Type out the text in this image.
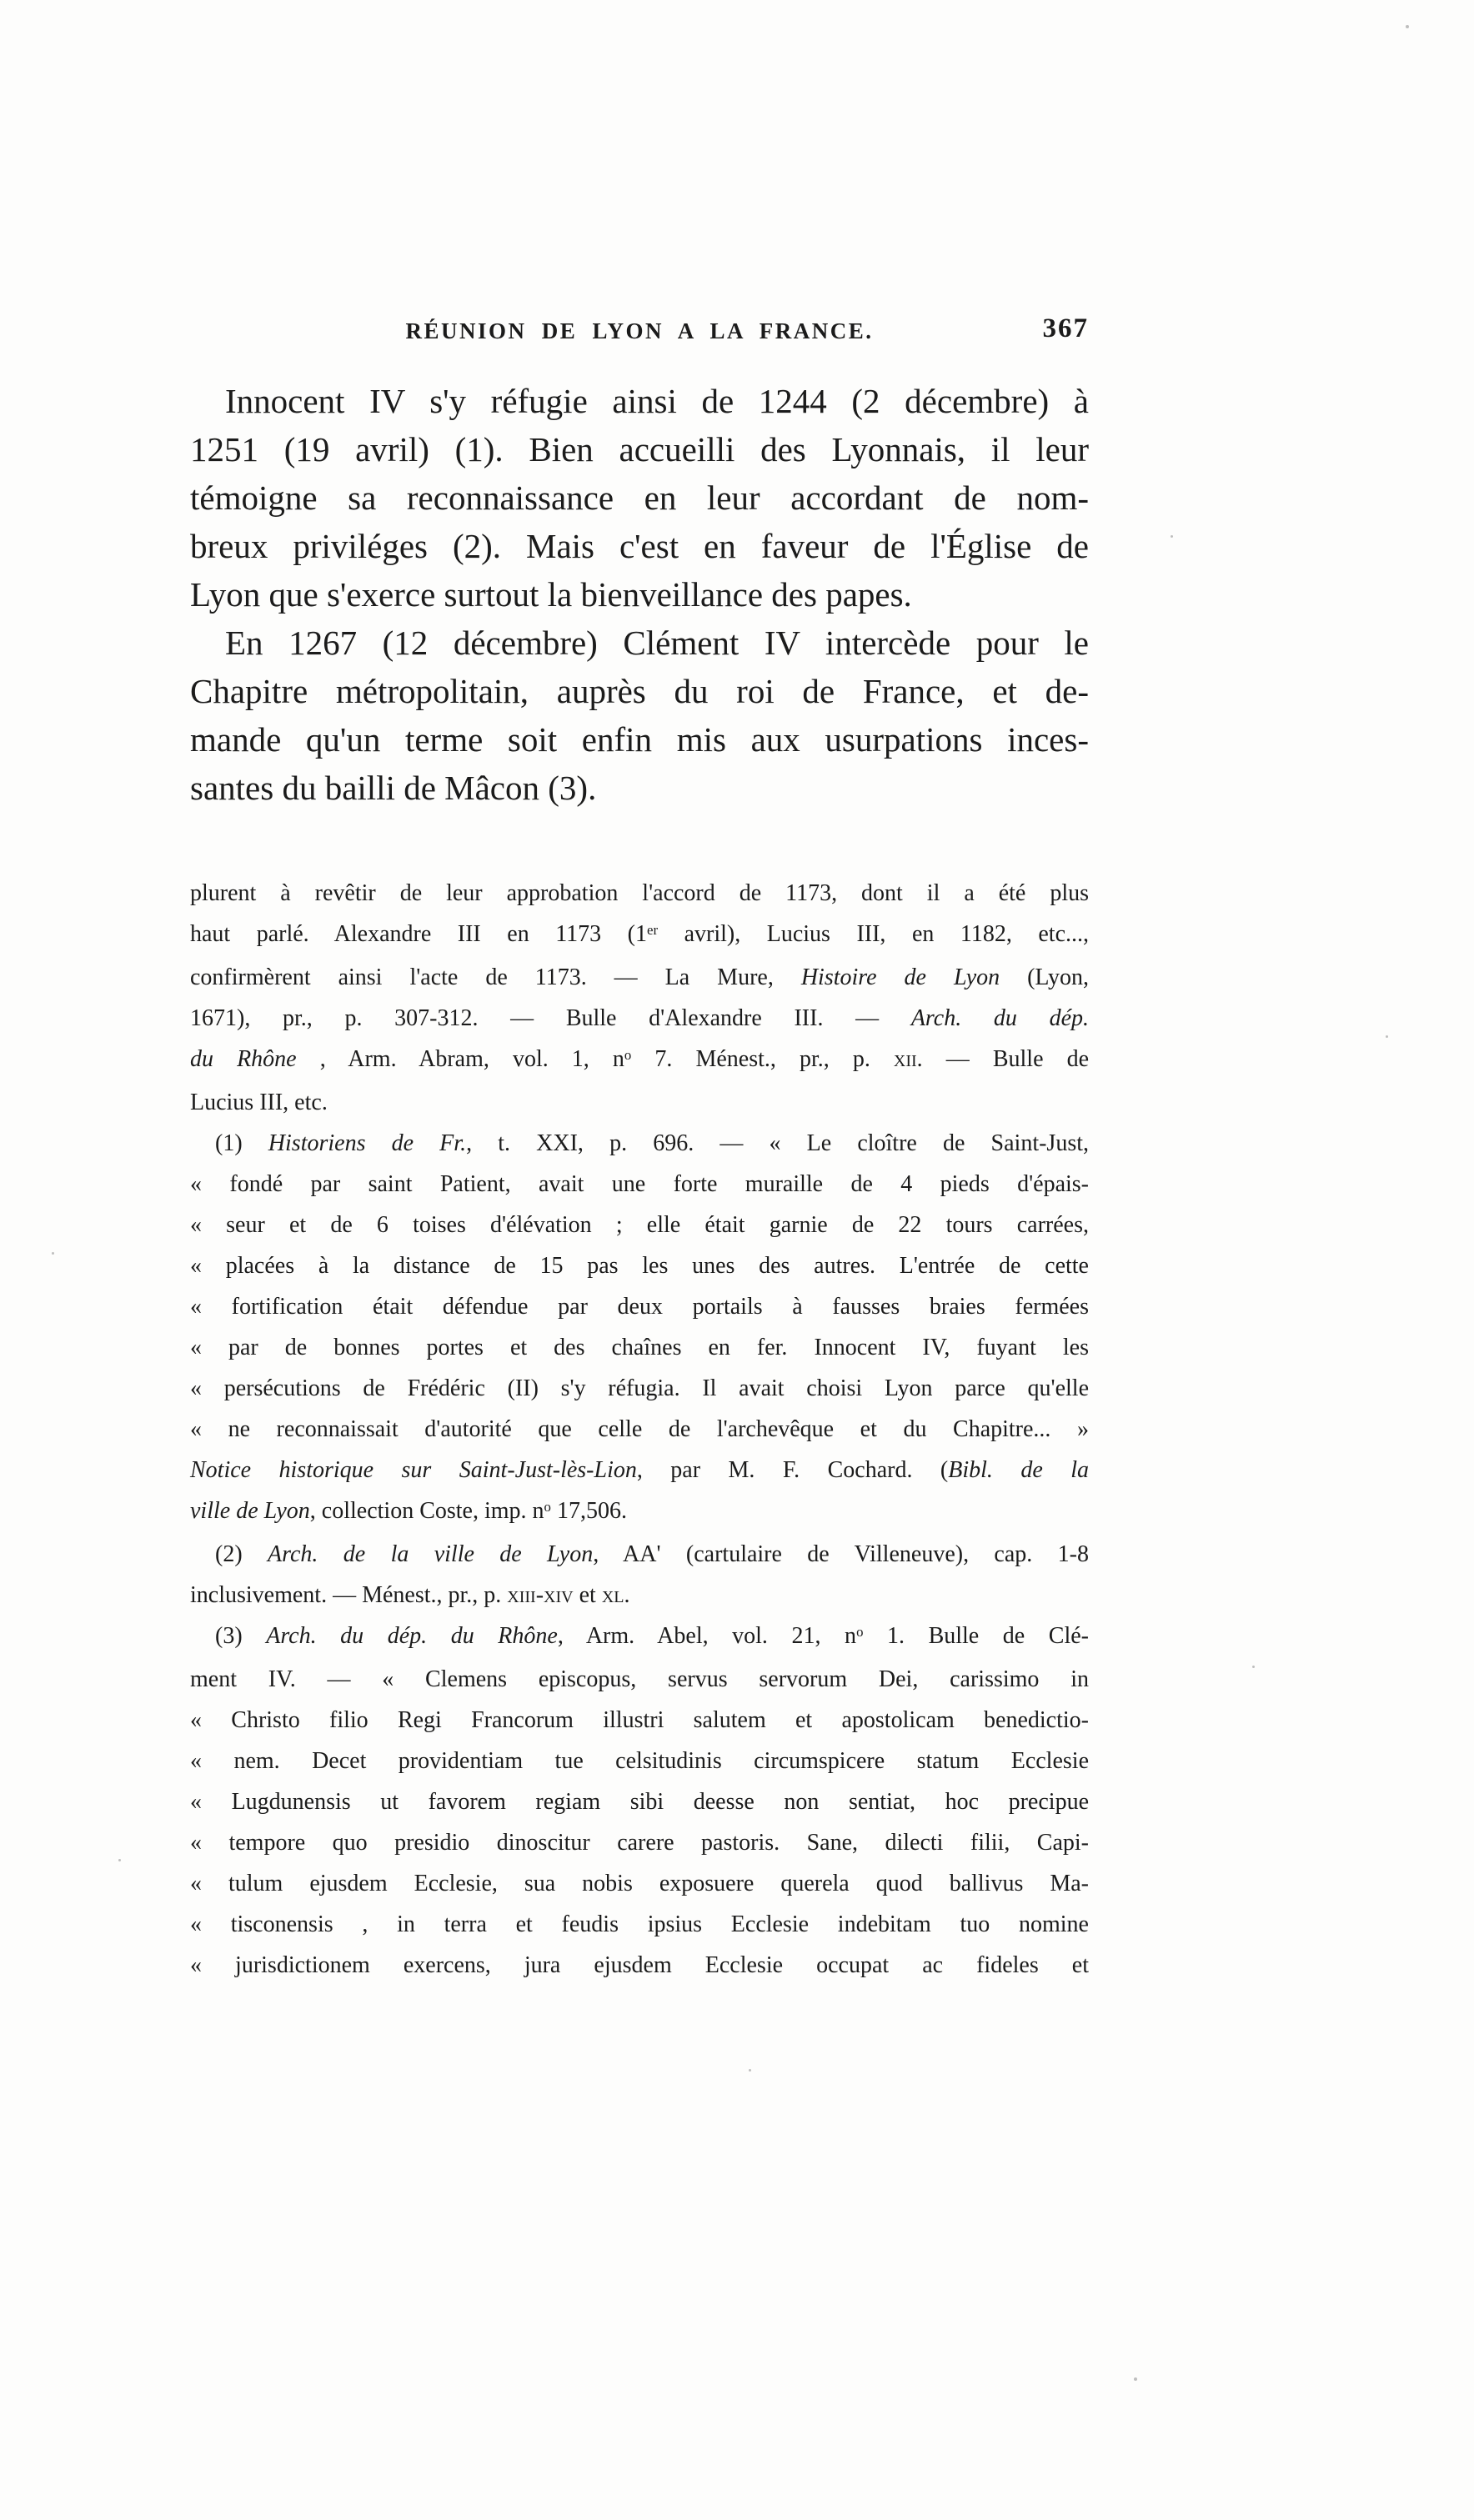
RÉUNION DE LYON A LA FRANCE.	367
Innocent IV s'y réfugie ainsi de 1244 (2 décembre) à
1251 (19 avril) (1). Bien accueilli des Lyonnais, il leur
témoigne sa reconnaissance en leur accordant de nom-
breux priviléges (2). Mais c'est en faveur de l'Église de
Lyon que s'exerce surtout la bienveillance des papes.
En 1267 (12 décembre) Clément IV intercède pour le
Chapitre métropolitain, auprès du roi de France, et de-
mande qu'un terme soit enfin mis aux usurpations inces-
santes du bailli de Mâcon (3).
plurent à revêtir de leur approbation l'accord de 1173, dont il a été plus
haut parlé. Alexandre III en 1173 (1er avril), Lucius III, en 1182, etc...,
confirmèrent ainsi l'acte de 1173. — La Mure, Histoire de Lyon (Lyon,
1671), pr., p. 307-312. — Bulle d'Alexandre III. — Arch. du dép.
du Rhône , Arm. Abram, vol. 1, $n^o$ 7. Ménest., pr., p. xii. — Bulle de
Lucius III, etc.
(1) Historiens de Fr., t. XXI, p. 696. — « Le cloître de Saint-Just,
« fondé par saint Patient, avait une forte muraille de 4 pieds d'épais-
« seur et de 6 toises d'élévation ; elle était garnie de 22 tours carrées,
« placées à la distance de 15 pas les unes des autres. L'entrée de cette
« fortification était défendue par deux portails à fausses braies fermées
« par de bonnes portes et des chaînes en fer. Innocent IV, fuyant les
« persécutions de Frédéric (II) s'y réfugia. Il avait choisi Lyon parce qu'elle
« ne reconnaissait d'autorité que celle de l'archevêque et du Chapitre... »
Notice historique sur Saint-Just-lès-Lion, par M. F. Cochard. (Bibl. de la
ville de Lyon, collection Coste, imp. $n^o$ 17,506.
(2) Arch. de la ville de Lyon, AA' (cartulaire de Villeneuve), cap. 1-8
inclusivement. — Ménest., pr., p. xiii-xiv et xl.
(3) Arch. du dép. du Rhône, Arm. Abel, vol. 21, $n^o$ 1. Bulle de Clé-
ment IV. — « Clemens episcopus, servus servorum Dei, carissimo in
« Christo filio Regi Francorum illustri salutem et apostolicam benedictio-
« nem. Decet providentiam tue celsitudinis circumspicere statum Ecclesie
« Lugdunensis ut favorem regiam sibi deesse non sentiat, hoc precipue
« tempore quo presidio dinoscitur carere pastoris. Sane, dilecti filii, Capi-
« tulum ejusdem Ecclesie, sua nobis exposuere querela quod ballivus Ma-
« tisconensis , in terra et feudis ipsius Ecclesie indebitam tuo nomine
« jurisdictionem exercens, jura ejusdem Ecclesie occupat ac fideles et
